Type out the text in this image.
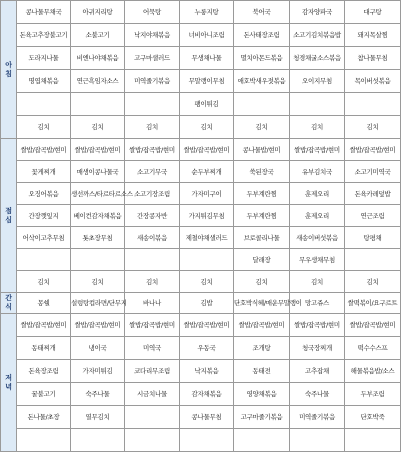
아
침	콩나물무채국	아귀지리탕	어묵탕	누룽지탕	북어국	감자양파국	대구탕
	돈육고추장불고기	소불고기	낙지야채볶음	너비아니조림	돈사태장조림	소고기김치볶음밥	돼지목살찜
	도라지나물	비엔나야채볶음	고구마샐러드	무생채나물	멸치아몬드볶음	청경채굴소스볶음	참나물무침
	명엽채볶음	연근흑임자소스	미역줄기볶음	무말랭이무침	애호박새우젓볶음	오이지무침	목이버섯볶음
				팽이튀김			
	김치	김치	김치	김치	김치	김치	김치

점
심	쌀밥/잡곡밥/현미	쌀밥/잡곡밥/현미	쌀밥/잡곡밥/현미	쌀밥/잡곡밥/현미	콩나물밥/현미	쌀밥/잡곡밥/현미	쌀밥/잡곡밥/현미
	꽃게찌개	매생이콩나물국	소고기무국	순두부찌개	쑥된장국	유부김치국	소고기미역국
	오징어볶음	생선까스/타르타르소스	소고기장조림	가자미구이	두부계란찜	훈제오리	돈육카레덮밥
	간장깻잎지	베이컨감자채볶음	간장콩자반	가지튀김무침	두부계란찜	훈제오리	연근조림
	어삭이고추무침	톳초장무침	새송이볶음	제철야채샐러드	브로콜리나물	새송이버섯볶음	탕평채
					달래장	무우생채무침	
	김치	김치	김치	김치	김치	김치	김치

간
식	몽쉘	설렁탕컵라면/단무지	바나나	김밥	단호박식혜/매운무말랭이	망고쥬스	쌀떡볶이/요구르트

저
녁	쌀밥/잡곡밥/현미	쌀밥/잡곡밥/현미	쌀밥/잡곡밥/현미	쌀밥/잡곡밥/현미	쌀밥/잡곡밥/현미	쌀밥/잡곡밥/현미	쌀밥/잡곡밥/현미
	동태찌개	냉이국	미역국	우동국	조개탕	청국장찌개	떡수수스프
	돈육장조림	가자미튀김	코다리무조림	낙지볶음	동태전	고추잡채	해물볶음밥/소스
	꿀불고기	숙주나물	시금치나물	감자채볶음	영양채볶음	숙주나물	두부조림
	돈나물/초장	열무김치		콩나물무침	고구마줄기볶음	미역줄기볶음	단호박죽
